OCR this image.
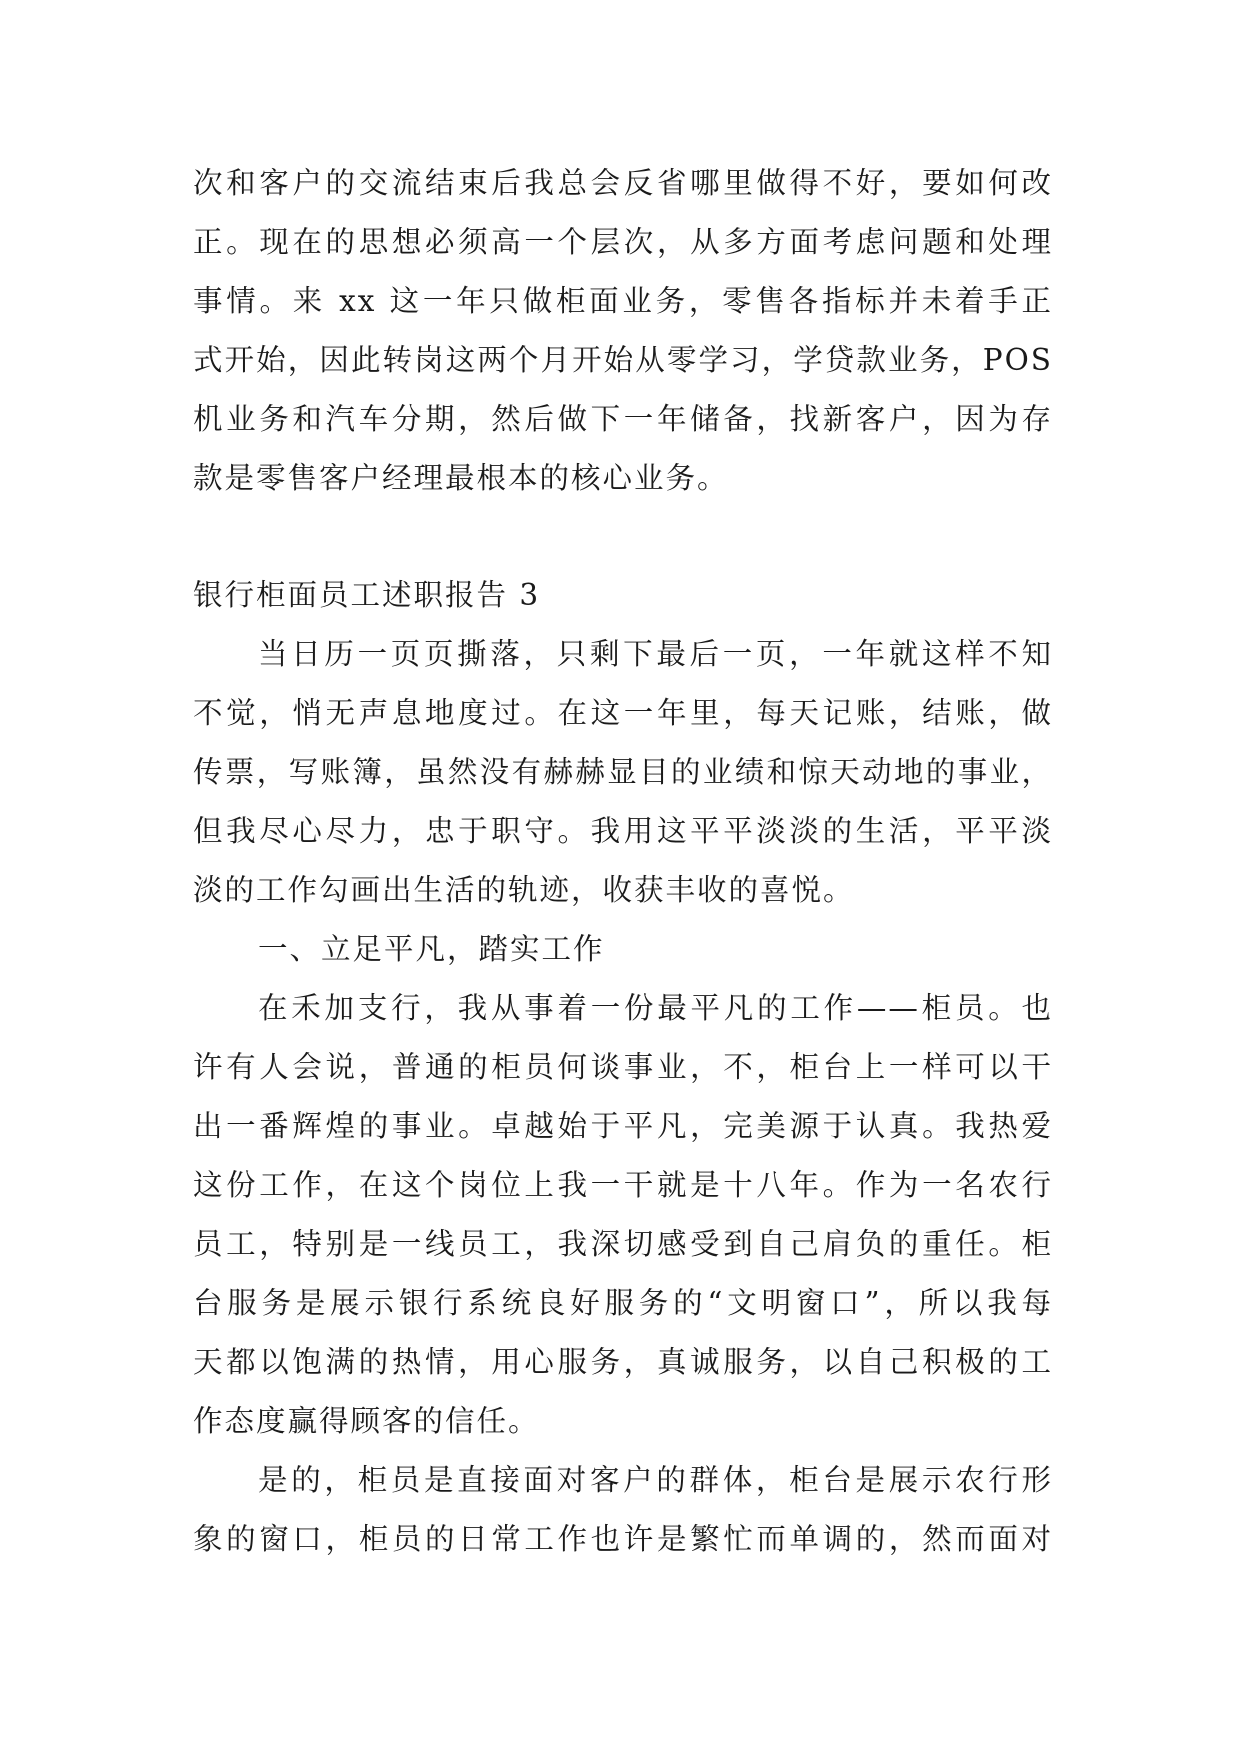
次和客户的交流结束后我总会反省哪里做得不好，要如何改
正。现在的思想必须高一个层次，从多方面考虑问题和处理
事情。来 xx 这一年只做柜面业务，零售各指标并未着手正
式开始，因此转岗这两个月开始从零学习，学贷款业务，POS
机业务和汽车分期，然后做下一年储备，找新客户，因为存
款是零售客户经理最根本的核心业务。
银行柜面员工述职报告 3
当日历一页页撕落，只剩下最后一页，一年就这样不知
不觉，悄无声息地度过。在这一年里，每天记账，结账，做
传票，写账簿，虽然没有赫赫显目的业绩和惊天动地的事业，
但我尽心尽力，忠于职守。我用这平平淡淡的生活，平平淡
淡的工作勾画出生活的轨迹，收获丰收的喜悦。
一、立足平凡，踏实工作
在禾加支行，我从事着一份最平凡的工作——柜员。也
许有人会说，普通的柜员何谈事业，不，柜台上一样可以干
出一番辉煌的事业。卓越始于平凡，完美源于认真。我热爱
这份工作，在这个岗位上我一干就是十八年。作为一名农行
员工，特别是一线员工，我深切感受到自己肩负的重任。柜
台服务是展示银行系统良好服务的“文明窗口”，所以我每
天都以饱满的热情，用心服务，真诚服务，以自己积极的工
作态度赢得顾客的信任。
是的，柜员是直接面对客户的群体，柜台是展示农行形
象的窗口，柜员的日常工作也许是繁忙而单调的，然而面对
